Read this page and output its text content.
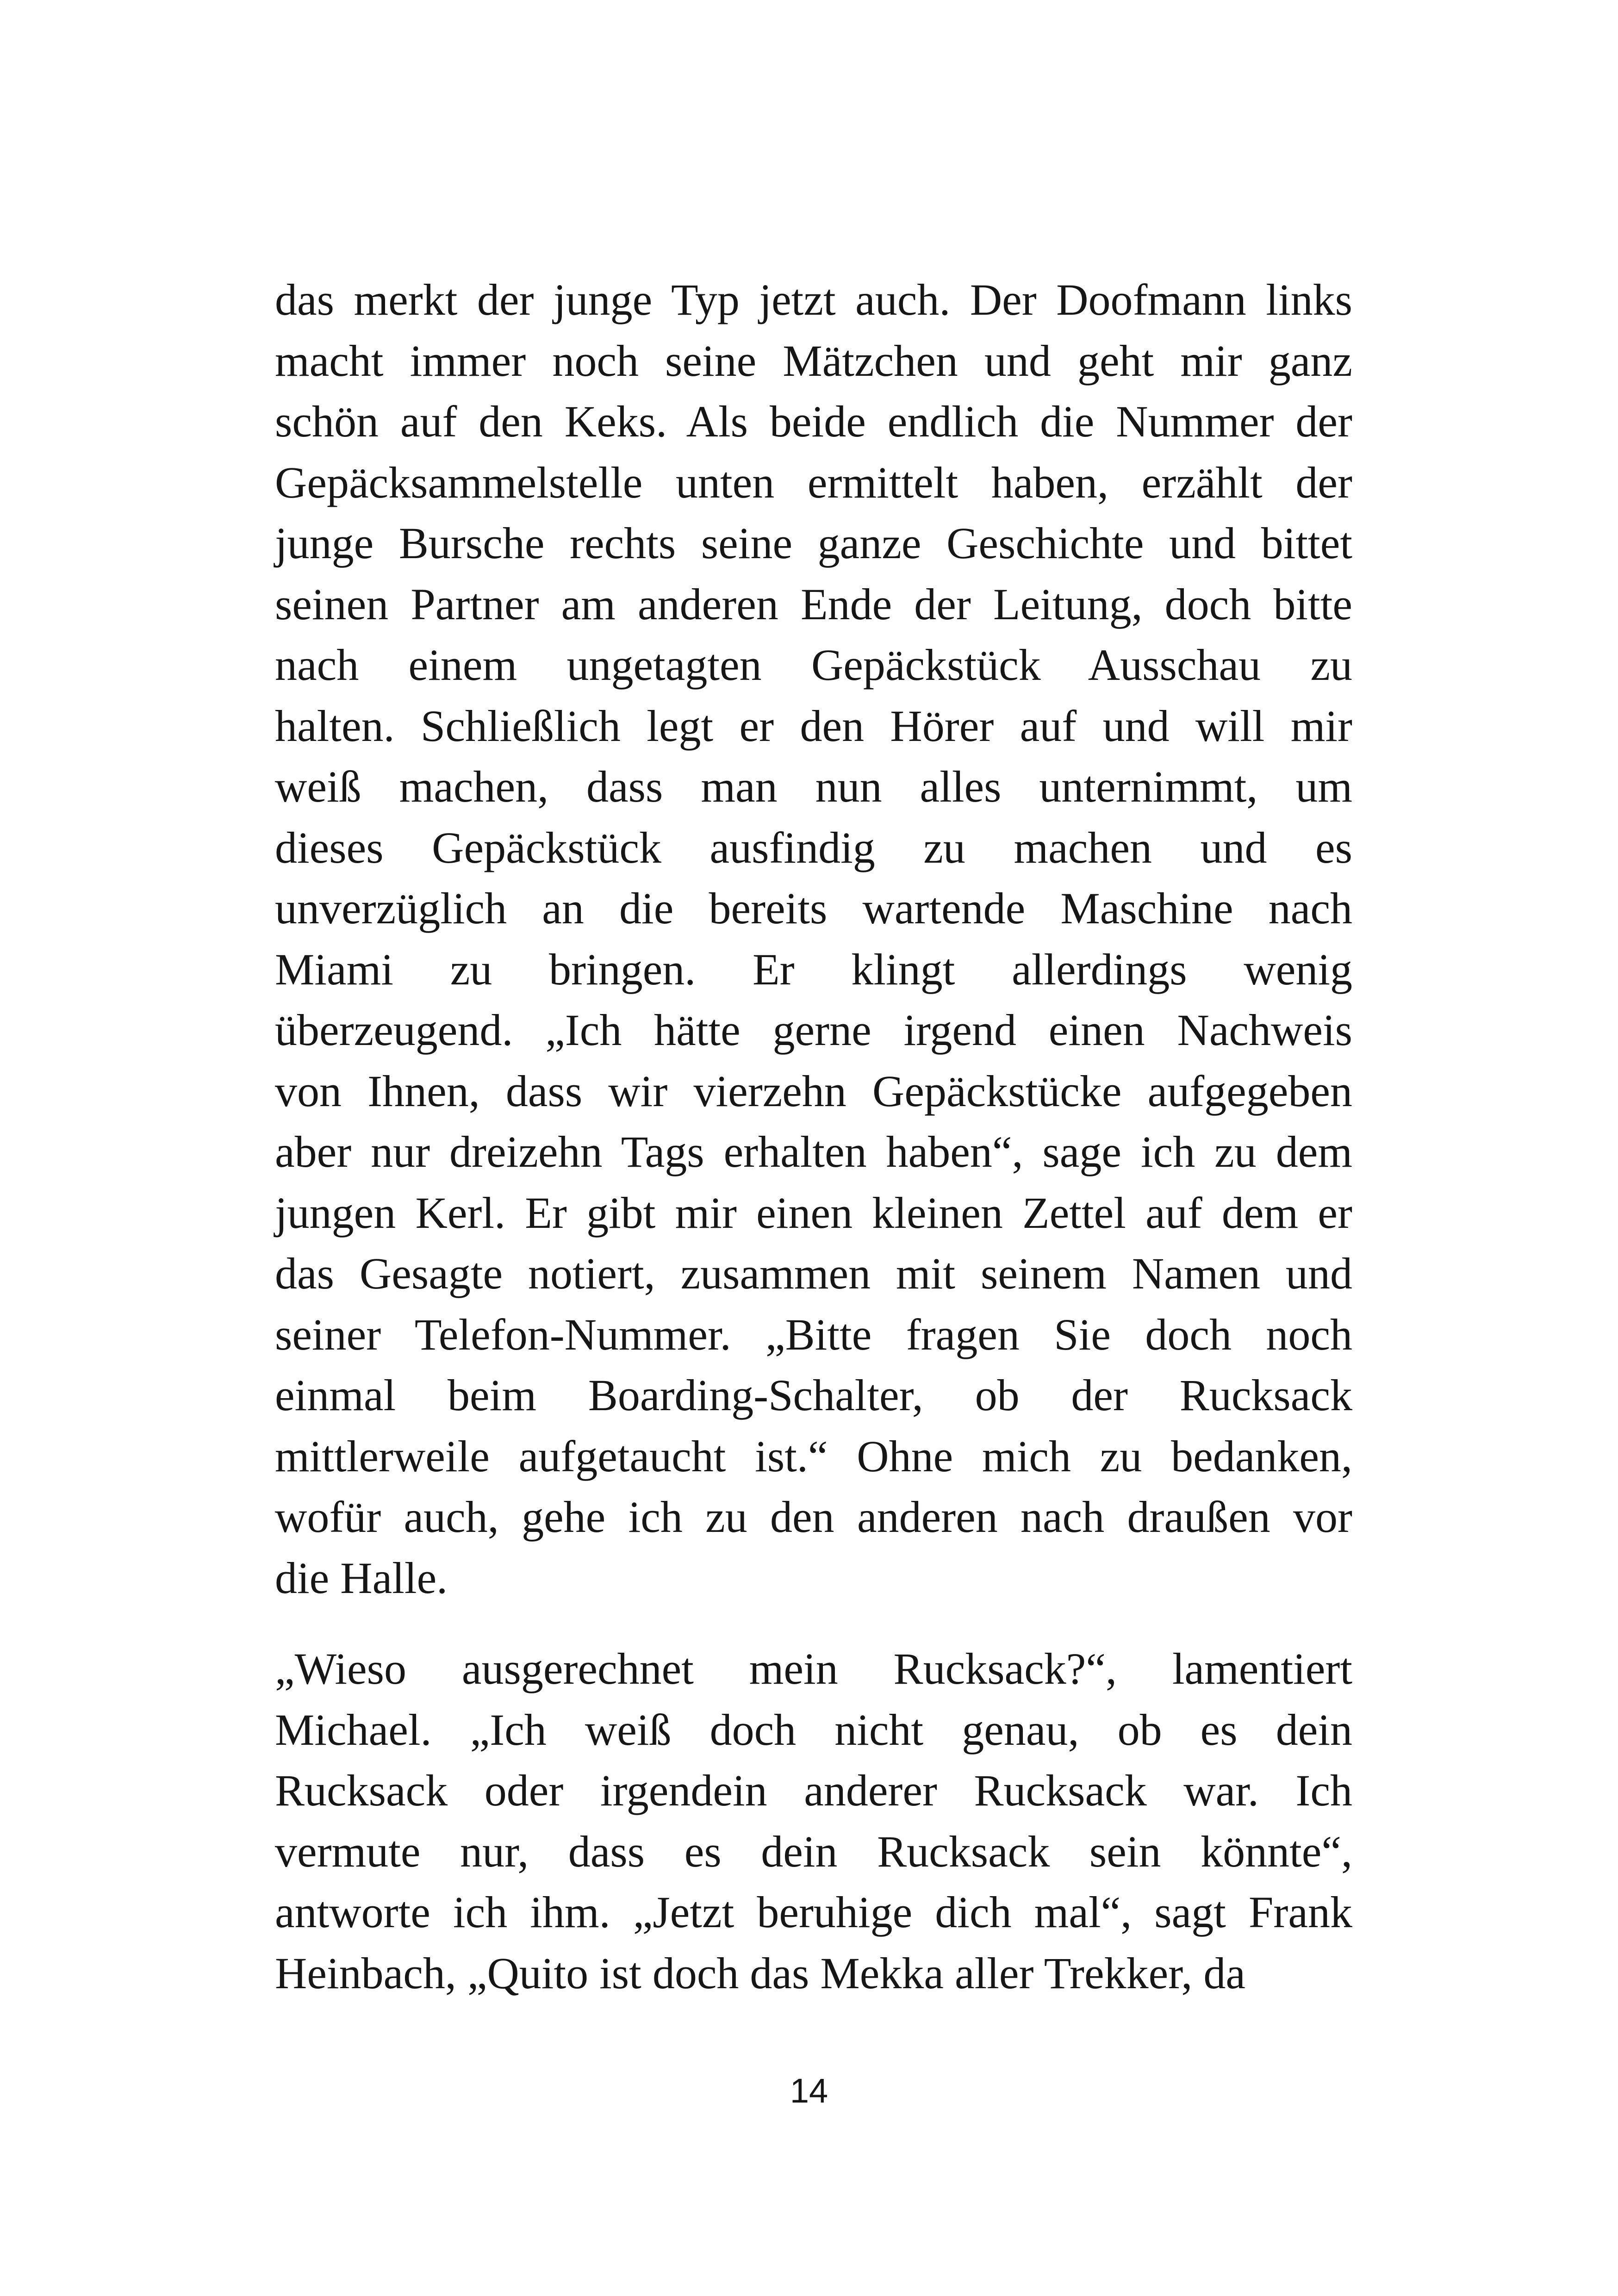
das merkt der junge Typ jetzt auch. Der Doofmann links
macht immer noch seine Mätzchen und geht mir ganz
schön auf den Keks. Als beide endlich die Nummer der
Gepäcksammelstelle unten ermittelt haben, erzählt der
junge Bursche rechts seine ganze Geschichte und bittet
seinen Partner am anderen Ende der Leitung, doch bitte
nach einem ungetagten Gepäckstück Ausschau zu
halten. Schließlich legt er den Hörer auf und will mir
weiß machen, dass man nun alles unternimmt, um
dieses Gepäckstück ausfindig zu machen und es
unverzüglich an die bereits wartende Maschine nach
Miami zu bringen. Er klingt allerdings wenig
überzeugend. „Ich hätte gerne irgend einen Nachweis
von Ihnen, dass wir vierzehn Gepäckstücke aufgegeben
aber nur dreizehn Tags erhalten haben“, sage ich zu dem
jungen Kerl. Er gibt mir einen kleinen Zettel auf dem er
das Gesagte notiert, zusammen mit seinem Namen und
seiner Telefon-Nummer. „Bitte fragen Sie doch noch
einmal beim Boarding-Schalter, ob der Rucksack
mittlerweile aufgetaucht ist.“ Ohne mich zu bedanken,
wofür auch, gehe ich zu den anderen nach draußen vor
die Halle.
„Wieso ausgerechnet mein Rucksack?“, lamentiert
Michael. „Ich weiß doch nicht genau, ob es dein
Rucksack oder irgendein anderer Rucksack war. Ich
vermute nur, dass es dein Rucksack sein könnte“,
antworte ich ihm. „Jetzt beruhige dich mal“, sagt Frank
Heinbach, „Quito ist doch das Mekka aller Trekker, da
14
